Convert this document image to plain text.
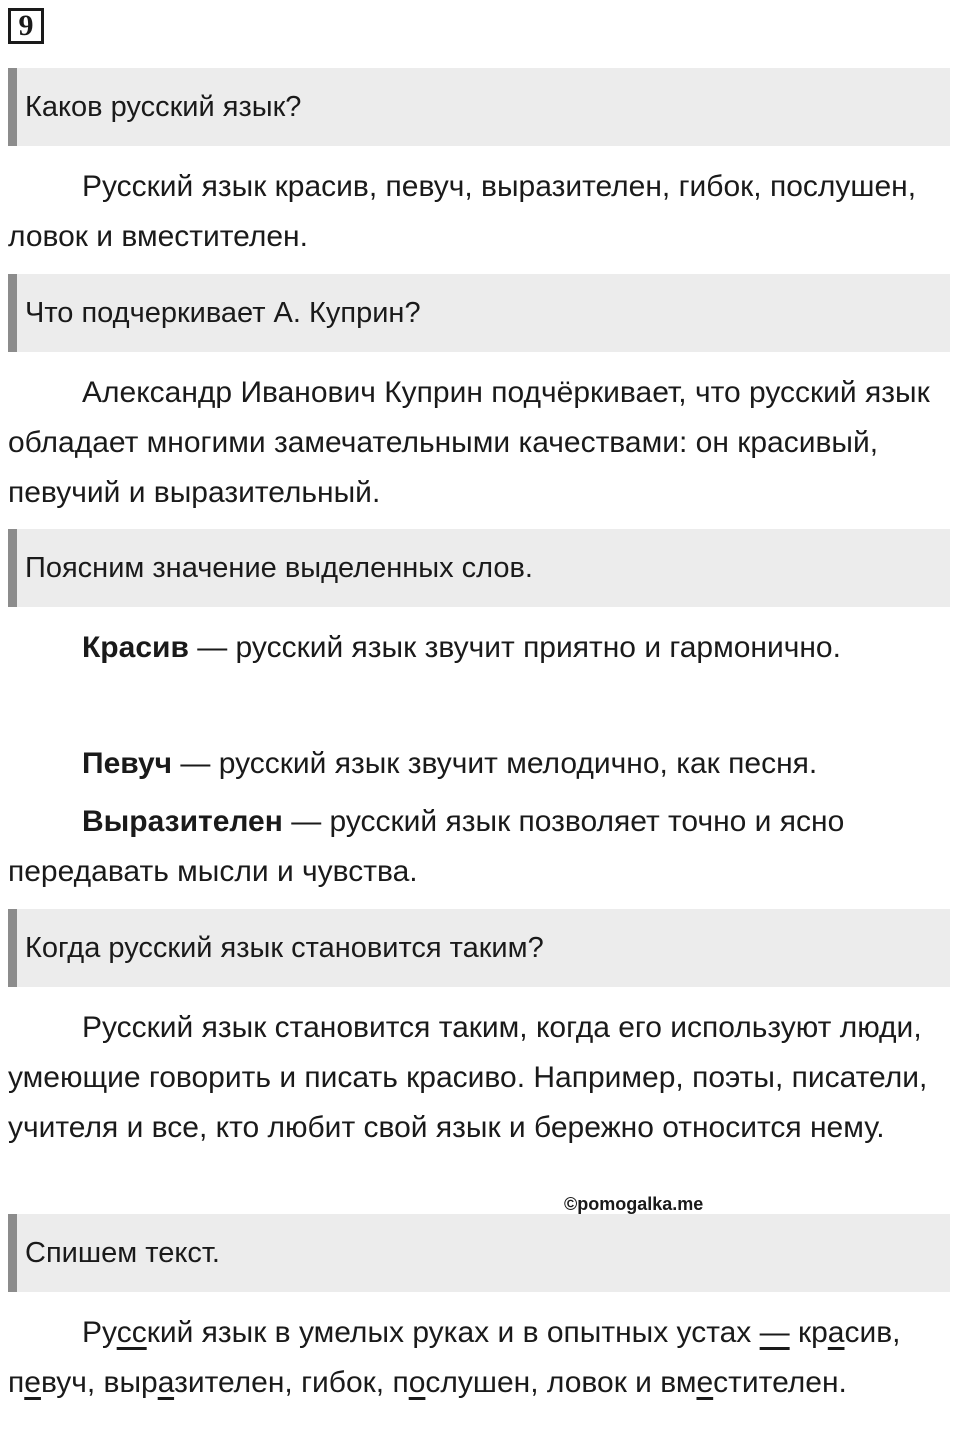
9
Каков русский язык?

Русский язык красив, певуч, выразителен, гибок, послушен, ловок и вместителен.

Что подчеркивает А. Куприн?

Александр Иванович Куприн подчёркивает, что русский язык обладает многими замечательными качествами: он красивый, певучий и выразительный.

Поясним значение выделенных слов.

Красив — русский язык звучит приятно и гармонично.

Певуч — русский язык звучит мелодично, как песня.

Выразителен — русский язык позволяет точно и ясно передавать мысли и чувства.

Когда русский язык становится таким?

Русский язык становится таким, когда его используют люди, умеющие говорить и писать красиво. Например, поэты, писатели, учителя и все, кто любит свой язык и бережно относится нему.

©pomogalka.me
Спишем текст.

Русский язык в умелых руках и в опытных устах — красив, певуч, выразителен, гибок, послушен, ловок и вместителен.
